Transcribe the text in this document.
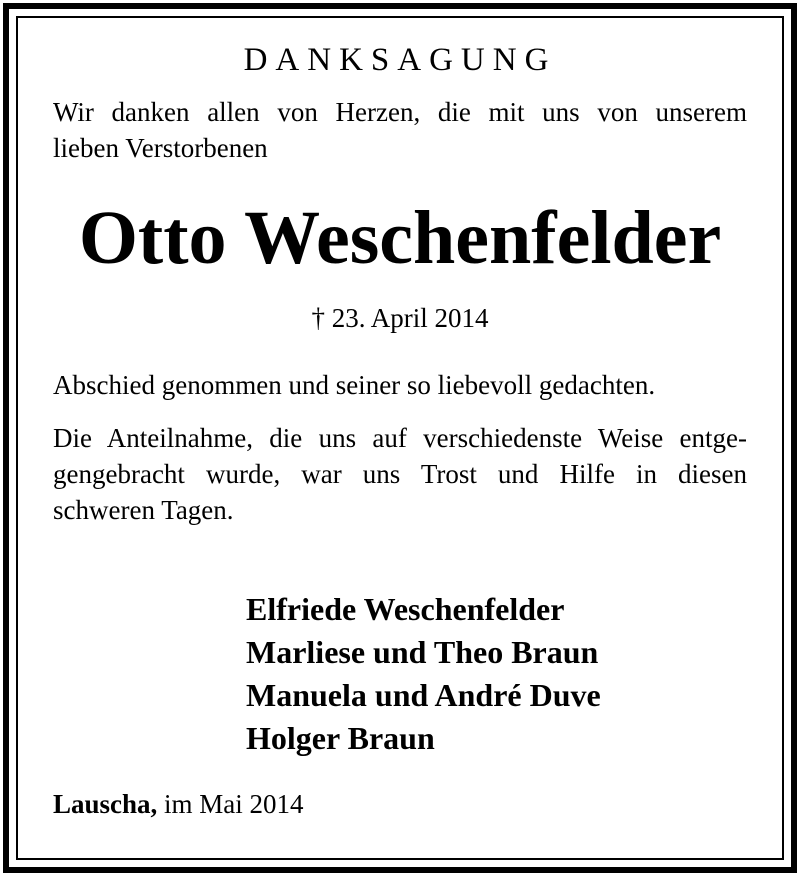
DANKSAGUNG
Wir danken allen von Herzen, die mit uns von unserem
lieben Verstorbenen
Otto Weschenfelder
† 23. April 2014
Abschied genommen und seiner so liebevoll gedachten.
Die Anteilnahme, die uns auf verschiedenste Weise entge-
gengebracht wurde, war uns Trost und Hilfe in diesen
schweren Tagen.
Elfriede Weschenfelder
Marliese und Theo Braun
Manuela und André Duve
Holger Braun
Lauscha, im Mai 2014
